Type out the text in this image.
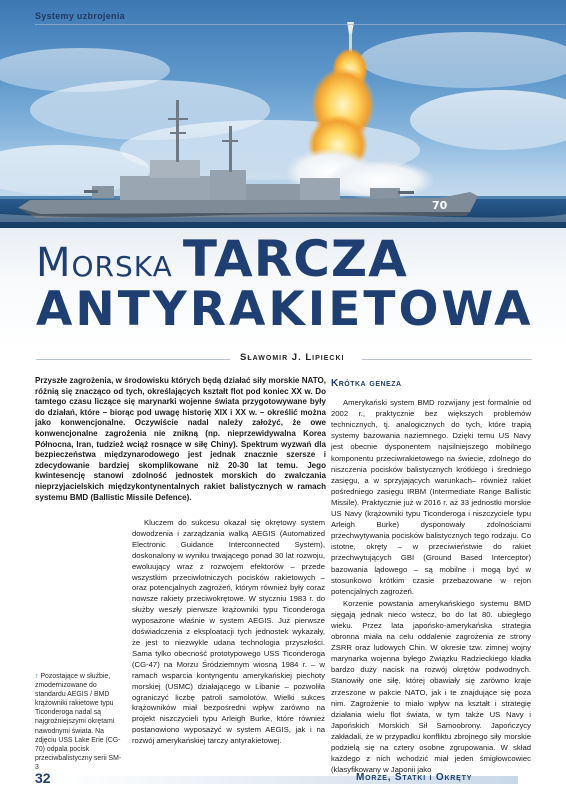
70
Systemy uzbrojenia
Morska TARCZA
ANTYRAKIETOWA
Sławomir J. Lipiecki
Przyszłe zagrożenia, w środowisku których będą działać siły morskie NATO, różnią się znacząco od tych, określających kształt flot pod koniec XX w. Do tamtego czasu liczące się marynarki wojenne świata przygotowywane były do działań, które – biorąc pod uwagę historię XIX i XX w. – określić można jako konwencjonalne. Oczywiście nadal należy założyć, że owe konwencjonalne zagrożenia nie znikną (np. nieprzewidywalna Korea Północna, Iran, tudzież wciąż rosnące w siłę Chiny). Spektrum wyzwań dla bezpieczeństwa międzynarodowego jest jednak znacznie szersze i zdecydowanie bardziej skomplikowane niż 20-30 lat temu. Jego kwintesencję stanowi zdolność jednostek morskich do zwalczania nieprzyjacielskich międzykontynentalnych rakiet balistycznych w ramach systemu BMD (Ballistic Missile Defence).

Kluczem do sukcesu okazał się okrętowy system dowodzenia i zarządzania walką AEGIS (Automatized Electronic Guidance Interconnected System), doskonalony w wyniku trwającego ponad 30 lat rozwoju, ewoluujący wraz z rozwojem efektorów – przede wszystkim przeciwlotniczych pocisków rakietowych – oraz potencjalnych zagrożeń, którym również były coraz nowsze rakiety przeciwokrętowe. W styczniu 1983 r. do służby weszły pierwsze krążowniki typu Ticonderoga wyposażone właśnie w system AEGIS. Już pierwsze doświadczenia z eksploatacji tych jednostek wykazały, że jest to niezwykle udana technologia przyszłości. Sama tylko obecność prototypowego USS Ticonderoga (CG-47) na Morzu Śródziemnym wiosną 1984 r. – w ramach wsparcia kontyngentu amerykańskiej piechoty morskiej (USMC) działającego w Libanie – pozwoliła ograniczyć liczbę patroli samolotów. Wielki sukces krążowników miał bezpośredni wpływ zarówno na projekt niszczycieli typu Arleigh Burke, które również postanowiono wyposażyć w system AEGIS, jak i na rozwój amerykańskiej tarczy antyrakietowej.

↑ Pozostające w służbie, zmodernizowane do standardu AEGIS / BMD krążowniki rakietowe typu Ticonderoga nadal są najgroźniejszymi okrętami nawodnymi świata. Na zdjęciu USS Lake Erie (CG-70) odpala pocisk przeciwbalistyczny serii SM-3
Krótka geneza

Amerykański system BMD rozwijany jest formalnie od 2002 r., praktycznie bez większych problemów technicznych, tj. analogicznych do tych, które trapią systemy bazowania naziemnego. Dzięki temu US Navy jest obecnie dysponentem najsilniejszego mobilnego komponentu przeciwrakietowego na świecie, zdolnego do niszczenia pocisków balistycznych krótkiego i średniego zasięgu, a w sprzyjających warunkach– również rakiet pośredniego zasięgu IRBM (Intermediate Range Ballistic Missile). Praktycznie już w 2016 r. aż 33 jednostki morskie US Navy (krążowniki typu Ticonderoga i niszczyciele typu Arleigh Burke) dysponowały zdolnościami przechwytywania pocisków balistycznych tego rodzaju. Co istotne, okręty – w przeciwieństwie do rakiet przechwytujących GBI (Ground Based Interceptor) bazowania lądowego – są mobilne i mogą być w stosunkowo krótkim czasie przebazowane w rejon potencjalnych zagrożeń.

Korzenie powstania amerykańskiego systemu BMD sięgają jednak nieco wstecz, bo do lat 80. ubiegłego wieku. Przez lata japońsko-amerykańska strategia obronna miała na celu oddalenie zagrożenia ze strony ZSRR oraz ludowych Chin. W okresie tzw. zimnej wojny marynarka wojenna byłego Związku Radzieckiego kładła bardzo duży nacisk na rozwój okrętów podwodnych. Stanowiły one siłę, której obawiały się zarówno kraje zrzeszone w pakcie NATO, jak i te znajdujące się poza nim. Zagrożenie to miało wpływ na kształt i strategię działania wielu flot świata, w tym także US Navy i Japońskich Morskich Sił Samoobrony. Japończycy zakładali, że w przypadku konfliktu zbrojnego siły morskie podzielą się na cztery osobne zgrupowania. W skład każdego z nich wchodzić miał jeden śmigłowcowiec (klasyfikowany w Japonii jako

32	Morze, Statki i Okręty
